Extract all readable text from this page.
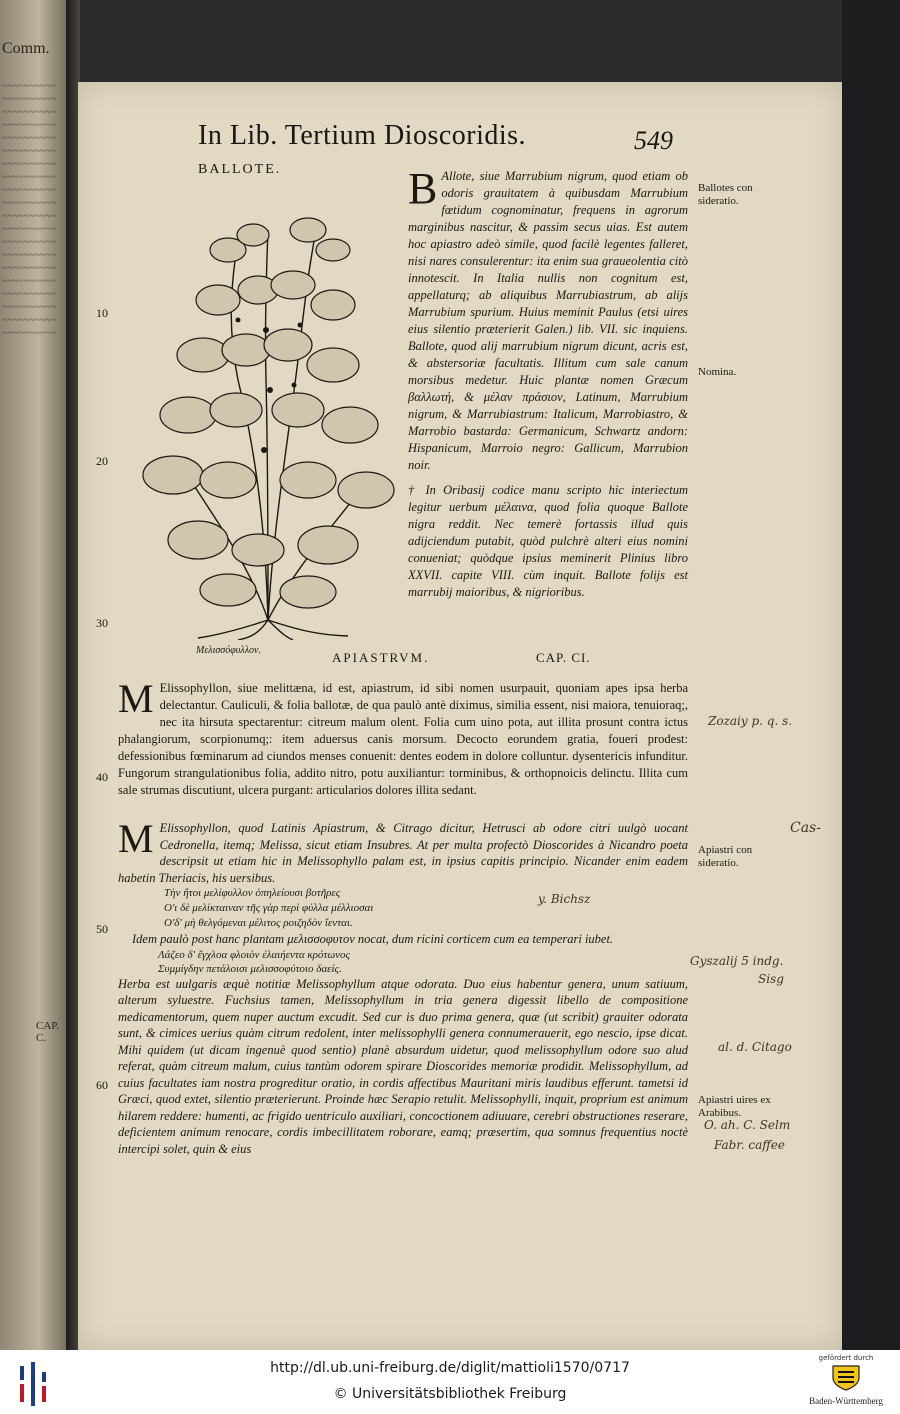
Comm.
~~~~~~~~~~
~~~~~~~~~~
~~~~~~~~~~
~~~~~~~~~~
~~~~~~~~~~
~~~~~~~~~~
~~~~~~~~~~
~~~~~~~~~~
~~~~~~~~~~
~~~~~~~~~~
~~~~~~~~~~
~~~~~~~~~~
~~~~~~~~~~
~~~~~~~~~~
~~~~~~~~~~
~~~~~~~~~~
~~~~~~~~~~
~~~~~~~~~~
~~~~~~~~~~
~~~~~~~~~~
CAP. C.
In Lib. Tertium Dioscoridis.	549
BALLOTE.
Μελισσόφυλλον.
B Allote, siue Marrubium nigrum, quod etiam ob odoris grauitatem à quibusdam Marrubium fœtidum cognominatur, frequens in agrorum marginibus nascitur, & passim secus uias. Est autem hoc apiastro adeò simile, quod facilè legentes falleret, nisi nares consulerentur: ita enim sua graueolentia citò innotescit. In Italia nullis non cognitum est, appellaturq; ab aliquibus Marrubiastrum, ab alijs Marrubium spurium. Huius meminit Paulus (etsi uires eius silentio præterierit Galen.) lib. VII. sic inquiens. Ballote, quod alij marrubium nigrum dicunt, acris est, & abstersoriæ facultatis. Illitum cum sale canum morsibus medetur. Huic plantæ nomen Græcum βαλλωτή, & μέλαν πράσιον, Latinum, Marrubium nigrum, & Marrubiastrum: Italicum, Marrobiastro, & Marrobio bastarda: Germanicum, Schwartz andorn: Hispanicum, Marroio negro: Gallicum, Marrubion noir.
† In Oribasij codice manu scripto hic interiectum legitur uerbum μέλαινα, quod folia quoque Ballote nigra reddit. Nec temerè fortassis illud quis adijciendum putabit, quòd pulchrè alteri eius nomini conueniat; quòdque ipsius meminerit Plinius libro XXVII. capite VIII. cùm inquit. Ballote folijs est marrubij maioribus, & nigrioribus.
Ballotes con sideratio.
Nomina.
10
20
30
40
50
60
APIASTRVM.	CAP. CI.
M Elissophyllon, siue melittæna, id est, apiastrum, id sibi nomen usurpauit, quoniam apes ipsa herba delectantur. Cauliculi, & folia ballotæ, de qua paulò antè diximus, similia essent, nisi maiora, tenuioraq;, nec ita hirsuta spectarentur: citreum malum olent. Folia cum uino pota, aut illita prosunt contra ictus phalangiorum, scorpionumq;: item aduersus canis morsum. Decocto eorundem gratia, foueri prodest: defessionibus fœminarum ad ciundos menses conuenit: dentes eodem in dolore colluntur. dysentericis infunditur. Fungorum strangulationibus folia, addito nitro, potu auxiliantur: torminibus, & orthopnoicis delinctu. Illita cum sale strumas discutiunt, ulcera purgant: articularios dolores illita sedant.
M Elissophyllon, quod Latinis Apiastrum, & Citrago dicitur, Hetrusci ab odore citri uulgò uocant Cedronella, itemq; Melissa, sicut etiam Insubres. At per multa profectò Dioscorides à Nicandro poeta descripsit ut etiam hic in Melissophyllo palam est, in ipsius capitis principio. Nicander enim eadem habetin Theriacis, his uersibus.
Τὴν ἤτοι μελίφυλλον ὁπηλείουσι βοτῆρες
Ο'ι δὲ μελίκταιναν τῆς γὰρ περὶ φύλλα μέλλιοσαι
Ο'δ' μὴ θελγόμεναι μέλιτος ροιζηδὸν ἴενται.
Idem paulò post hanc plantam μελισσοφυτον nocat, dum ricini corticem cum ea temperari iubet.
Λάζεο δ' ἔγχλοα φλοιὸν ἐλαιήεντα κρότωνος
Συμμίγδην πετάλοισι μελισσοφύτοιο δαείς.
Herba est uulgaris æquè notitiæ Melissophyllum atque odorata. Duo eius habentur genera, unum satiuum, alterum syluestre. Fuchsius tamen, Melissophyllum in tria genera digessit libello de compositione medicamentorum, quem nuper auctum excudit. Sed cur is duo prima genera, quæ (ut scribit) grauiter odorata sunt, & cimices uerius quàm citrum redolent, inter melissophylli genera connumerauerit, ego nescio, ipse dicat. Mihi quidem (ut dicam ingenuè quod sentio) planè absurdum uidetur, quod melissophyllum odore suo alud referat, quàm citreum malum, cuius tantùm odorem spirare Dioscorides memoriæ prodidit. Melissophyllum, ad cuius facultates iam nostra progreditur oratio, in cordis affectibus Mauritani miris laudibus efferunt. tametsi id Græci, quod extet, silentio præterierunt. Proinde hæc Serapio retulit. Melissophylli, inquit, proprium est animum hilarem reddere: humenti, ac frigido uentriculo auxiliari, concoctionem adiuuare, cerebri obstructiones reserare, deficientem animum renocare, cordis imbecillitatem roborare, eamq; præsertim, qua somnus frequentius noctè intercipi solet, quin & eius
Apiastri con sideratio.
Apiastri uires ex Arabibus.
Zozaiy p. q. s.
Cas-
y. Bichsz
Gyszalij 5 indg.
Sisg
al. d. Citago
O. ah. C. Selm
Fabr. caffee
http://dl.ub.uni-freiburg.de/diglit/mattioli1570/0717
© Universitätsbibliothek Freiburg
gefördert durch
Baden-Württemberg
